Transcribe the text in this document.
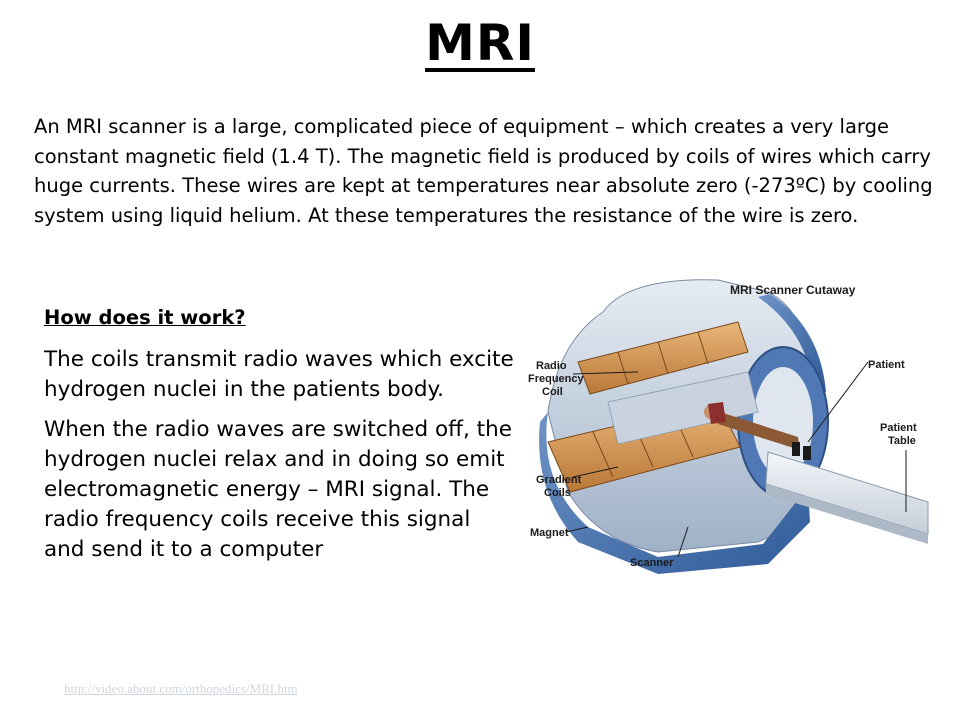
MRI

An MRI scanner is a large, complicated piece of equipment – which creates a very large constant magnetic field (1.4 T). The magnetic field is produced by coils of wires which carry huge currents. These wires are kept at temperatures near absolute zero (-273ºC) by cooling system using liquid helium. At these temperatures the resistance of the wire is zero.

How does it work?

The coils transmit radio waves which excite hydrogen nuclei in the patients body.

When the radio waves are switched off, the hydrogen nuclei relax and in doing so emit electromagnetic energy – MRI signal. The radio frequency coils receive this signal and send it to a computer

MRI Scanner Cutaway
Radio
Frequency
Coil
Patient
Patient
Table
Gradient
Coils
Magnet
Scanner
http://video.about.com/orthopedics/MRI.htm
